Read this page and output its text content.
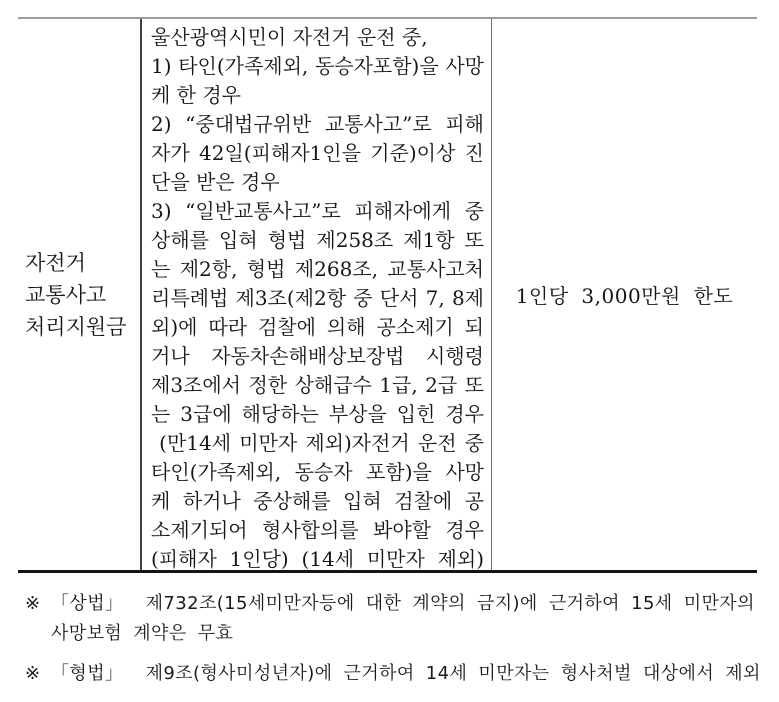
자전거
교통사고
처리지원금
울산광역시민이 자전거 운전 중,
1) 타인(가족제외, 동승자포함)을 사망
케 한 경우
2) “중대법규위반 교통사고”로 피해
자가 42일(피해자1인을 기준)이상 진
단을 받은 경우
3) “일반교통사고”로 피해자에게 중
상해를 입혀 형법 제258조 제1항 또
는 제2항, 형법 제268조, 교통사고처
리특례법 제3조(제2항 중 단서 7, 8제
외)에 따라 검찰에 의해 공소제기 되
거나 자동차손해배상보장법 시행령
제3조에서 정한 상해급수 1급, 2급 또
는 3급에 해당하는 부상을 입힌 경우
(만14세 미만자 제외)자전거 운전 중
타인(가족제외, 동승자 포함)을 사망
케 하거나 중상해를 입혀 검찰에 공
소제기되어 형사합의를 봐야할 경우
(피해자 1인당) (14세 미만자 제외)
1인당 3,000만원 한도
※ 「상법」  제732조(15세미만자등에 대한 계약의 금지)에 근거하여 15세 미만자의
사망보험 계약은 무효
※ 「형법」  제9조(형사미성년자)에 근거하여 14세 미만자는 형사처벌 대상에서 제외
